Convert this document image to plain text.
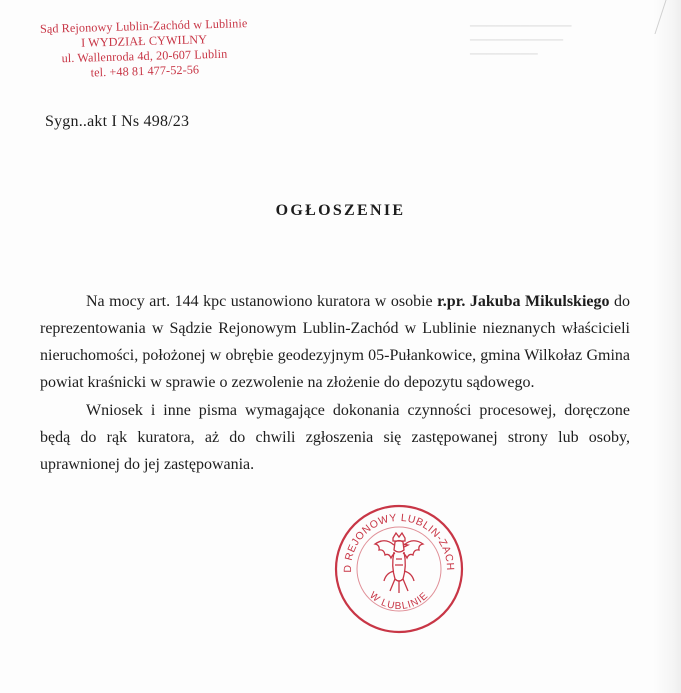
▁▁▁▁▁▁▁▁▁▁▁▁
▁▁▁▁▁▁▁▁▁▁▁
▁▁▁▁▁▁▁▁
Sąd Rejonowy Lublin-Zachód w Lublinie
I WYDZIAŁ CYWILNY
ul. Wallenroda 4d, 20-607 Lublin
tel. +48 81 477-52-56
Sygn..akt I Ns 498/23
OGŁOSZENIE

Na mocy art. 144 kpc ustanowiono kuratora w osobie r.pr. Jakuba Mikulskiego do reprezentowania w Sądzie Rejonowym Lublin-Zachód w Lublinie nieznanych właścicieli nieruchomości, położonej w obrębie geodezyjnym 05-Pułankowice, gmina Wilkołaz Gmina powiat kraśnicki w sprawie o zezwolenie na złożenie do depozytu sądowego.

Wniosek i inne pisma wymagające dokonania czynności procesowej, doręczone będą do rąk kuratora, aż do chwili zgłoszenia się zastępowanej strony lub osoby, uprawnionej do jej zastępowania.

SĄD REJONOWY LUBLIN-ZACHÓD
W LUBLINIE
